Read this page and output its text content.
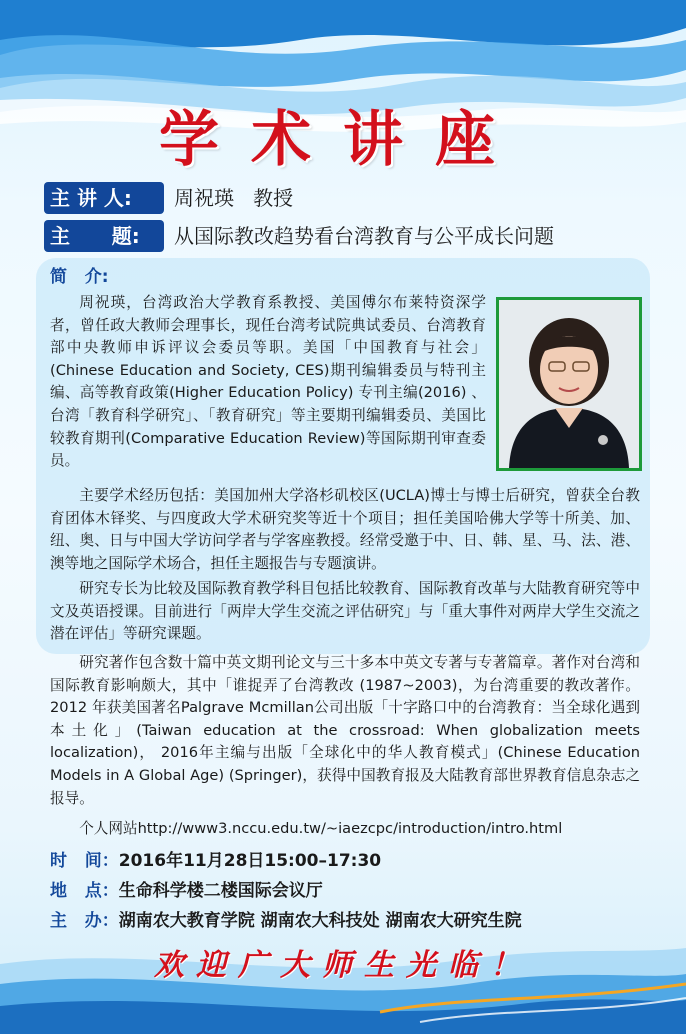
学术讲座
主 讲 人:	周祝瑛   教授
主      题:	从国际教改趋势看台湾教育与公平成长问题
简   介:
周祝瑛，台湾政治大学教育系教授、美国傅尔布莱特资深学者，曾任政大教师会理事长，现任台湾考试院典试委员、台湾教育部中央教师申诉评议会委员等职。美国「中国教育与社会」(Chinese Education and Society, CES)期刊编辑委员与特刊主编、高等教育政策(Higher Education Policy) 专刊主编(2016) 、台湾「教育科学研究」、「教育研究」等主要期刊编辑委员、美国比较教育期刊(Comparative Education Review)等国际期刊审查委员。
主要学术经历包括：美国加州大学洛杉矶校区(UCLA)博士与博士后研究，曾获全台教育团体木铎奖、与四度政大学术研究奖等近十个项目；担任美国哈佛大学等十所美、加、纽、奥、日与中国大学访问学者与学客座教授。经常受邀于中、日、韩、星、马、法、港、澳等地之国际学术场合，担任主题报告与专题演讲。
研究专长为比较及国际教育教学科目包括比较教育、国际教育改革与大陆教育研究等中文及英语授课。目前进行「两岸大学生交流之评估研究」与「重大事件对两岸大学生交流之潜在评估」等研究课题。
研究著作包含数十篇中英文期刊论文与三十多本中英文专著与专著篇章。著作对台湾和国际教育影响颇大，其中「谁捉弄了台湾教改 (1987~2003)，为台湾重要的教改著作。2012 年获美国著名Palgrave Mcmillan公司出版「十字路口中的台湾教育：当全球化遇到本土化」(Taiwan education at the crossroad: When globalization meets localization)， 2016年主编与出版「全球化中的华人教育模式」(Chinese Education Models in A Global Age) (Springer)，获得中国教育报及大陆教育部世界教育信息杂志之报导。
个人网站http://www3.nccu.edu.tw/~iaezcpc/introduction/intro.html
时   间：2016年11月28日15:00–17:30
地   点：生命科学楼二楼国际会议厅
主   办：湖南农大教育学院 湖南农大科技处 湖南农大研究生院
欢迎广大师生光临！
